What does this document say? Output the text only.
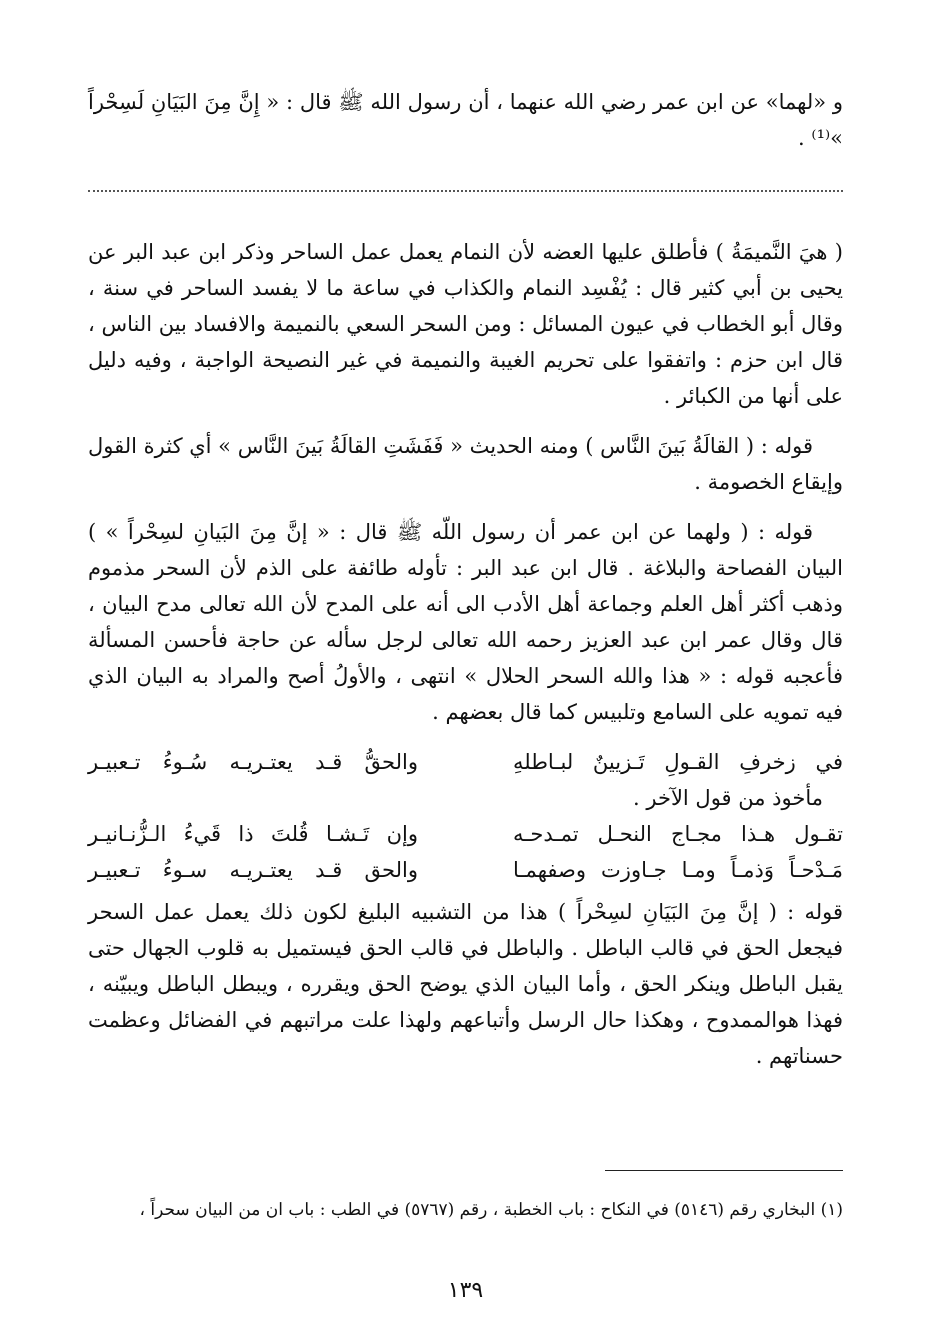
و «لهما» عن ابن عمر رضي الله عنهما ، أن رسول الله ﷺ قال : « إِنَّ مِنَ البَيَانِ لَسِحْراً »⁽¹⁾ .

( هيَ النَّميمَةُ ) فأطلق عليها العضه لأن النمام يعمل عمل الساحر وذكر ابن عبد البر عن يحيى بن أبي كثير قال : يُفْسِد النمام والكذاب في ساعة ما لا يفسد الساحر في سنة ، وقال أبو الخطاب في عيون المسائل : ومن السحر السعي بالنميمة والافساد بين الناس ، قال ابن حزم : واتفقوا على تحريم الغيبة والنميمة في غير النصيحة الواجبة ، وفيه دليل على أنها من الكبائر .

قوله : ( القالَةُ بَينَ النَّاس ) ومنه الحديث « فَفَشَتِ القالَةُ بَينَ النَّاس » أي كثرة القول وإيقاع الخصومة .

قوله : ( ولهما عن ابن عمر أن رسول اللّه ﷺ قال : « إنَّ مِنَ البَيانِ لسِحْراً » ) البيان الفصاحة والبلاغة . قال ابن عبد البر : تأوله طائفة على الذم لأن السحر مذموم وذهب أكثر أهل العلم وجماعة أهل الأدب الى أنه على المدح لأن الله تعالى مدح البيان ، قال وقال عمر ابن عبد العزيز رحمه الله تعالى لرجل سأله عن حاجة فأحسن المسألة فأعجبه قوله : « هذا والله السحر الحلال » انتهى ، والأولُ أصح والمراد به البيان الذي فيه تمويه على السامع وتلبيس كما قال بعضهم .

في زخرفِ القـولِ تَـزيينٌ لبـاطلهِ
والحقُّ قـد يعتـريـه سُـوءُ تـعبيـر
مأخوذ من قول الآخر .
تقـول هـذا مجـاج النحـل تمـدحـه
وإن تَـشـا قُلتَ ذا قَيءُ الـزُّنـانيـر
مَـدْحـاً وَذمـاً ومـا جـاوزت وصفهمـا
والحق قـد يعتـريـه سـوءُ تـعبيـر

قوله : ( إنَّ مِنَ البَيَانِ لسِحْراً ) هذا من التشبيه البليغ لكون ذلك يعمل عمل السحر فيجعل الحق في قالب الباطل . والباطل في قالب الحق فيستميل به قلوب الجهال حتى يقبل الباطل وينكر الحق ، وأما البيان الذي يوضح الحق ويقرره ، ويبطل الباطل ويبيّنه ، فهذا هوالممدوح ، وهكذا حال الرسل وأتباعهم ولهذا علت مراتبهم في الفضائل وعظمت حسناتهم .

(١) البخاري رقم (٥١٤٦) في النكاح : باب الخطبة ، رقم (٥٧٦٧) في الطب : باب ان من البيان سحراً ،
١٣٩
